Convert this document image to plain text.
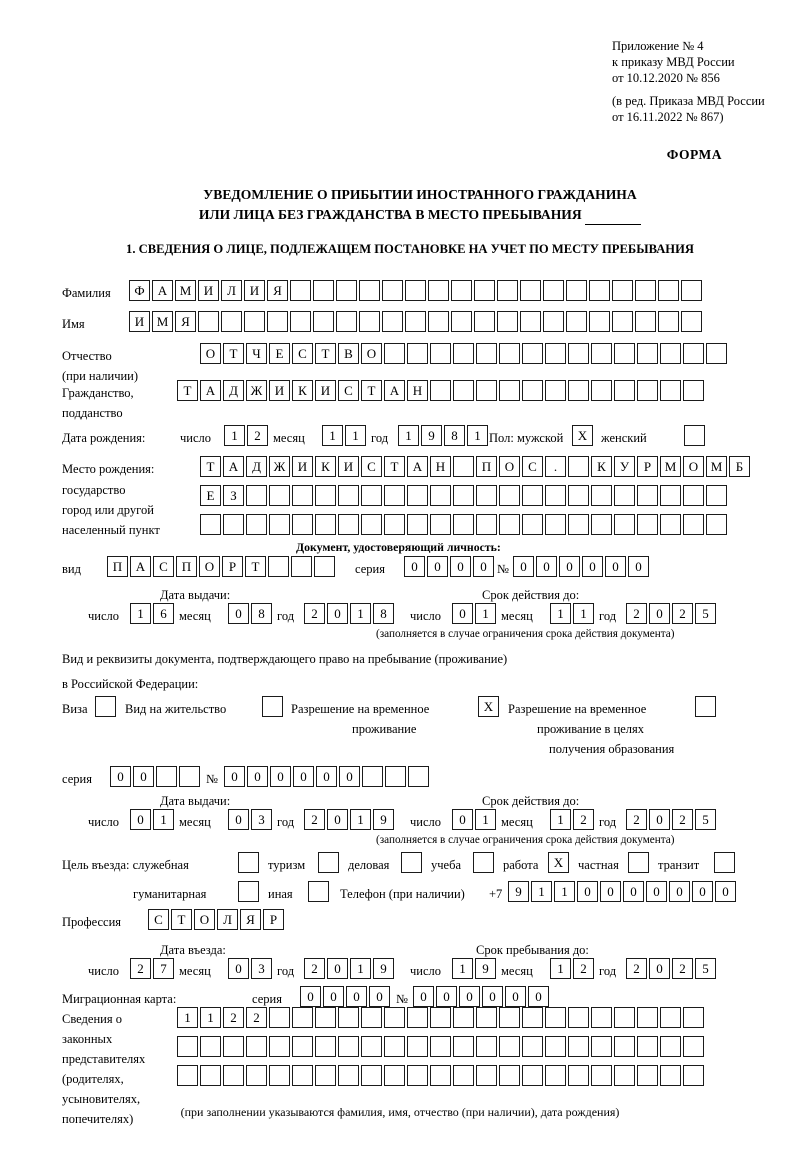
Приложение № 4
к приказу МВД России
от 10.12.2020 № 856
(в ред. Приказа МВД России
от 16.11.2022 № 867)
ФОРМА
УВЕДОМЛЕНИЕ О ПРИБЫТИИ ИНОСТРАННОГО ГРАЖДАНИНА
ИЛИ ЛИЦА БЕЗ ГРАЖДАНСТВА В МЕСТО ПРЕБЫВАНИЯ
1. СВЕДЕНИЯ О ЛИЦЕ, ПОДЛЕЖАЩЕМ ПОСТАНОВКЕ НА УЧЕТ ПО МЕСТУ ПРЕБЫВАНИЯ
Фамилия	Ф	А М И	Л	И	Я
Имя	И М Я
Отчество
(при наличии)
О	Т	Ч	Е	С	Т	В	О
Гражданство,
подданство
Т	А	Д Ж И	К	И	С	Т	А	Н
Дата рождения:	число	1	2 месяц	1	1 год	1	9	8	1 Пол: мужской	Х	женский
Место рождения:
государство
город или другой
населенный пункт
Т	А	Д Ж И	К	И	С	Т	А	Н	П	О	С	.	К	У	Р	М О М	Б
Е	З
Документ, удостоверяющий личность:
вид	П	А	С	П	О	Р	Т	серия	0	0	0	0 № 0	0	0	0	0	0
Дата выдачи:	Срок действия до:
число	1	6 месяц	0	8 год	2	0	1	8	число	0	1 месяц	1	1 год	2	0	2	5
(заполняется в случае ограничения срока действия документа)
Вид и реквизиты документа, подтверждающего право на пребывание (проживание)
в Российской Федерации:
Виза	Вид на жительство	Разрешение на временное
проживание
Х	Разрешение на временное
проживание в целях
получения образования
серия	0	0	№	0	0	0	0	0	0
Дата выдачи:	Срок действия до:
число	0	1 месяц	0	3 год	2	0	1	9	число	0	1 месяц	1	2 год	2	0	2	5
(заполняется в случае ограничения срока действия документа)
Цель въезда: служебная	туризм	деловая	учеба	работа	Х	частная	транзит
гуманитарная	иная	Телефон (при наличии) +7 9	1	1	0	0	0	0	0	0	0
Профессия	С	Т	О	Л	Я	Р
Дата въезда:	Срок пребывания до:
число	2	7 месяц	0	3 год	2	0	1	9	число	1	9 месяц	1	2 год	2	0	2	5
Миграционная карта:	серия	0	0	0	0	№ 0	0	0	0	0	0
Сведения о
законных
представителях
(родителях,
усыновителях,
попечителях)
1	1	2	2
(при заполнении указываются фамилия, имя, отчество (при наличии), дата рождения)
